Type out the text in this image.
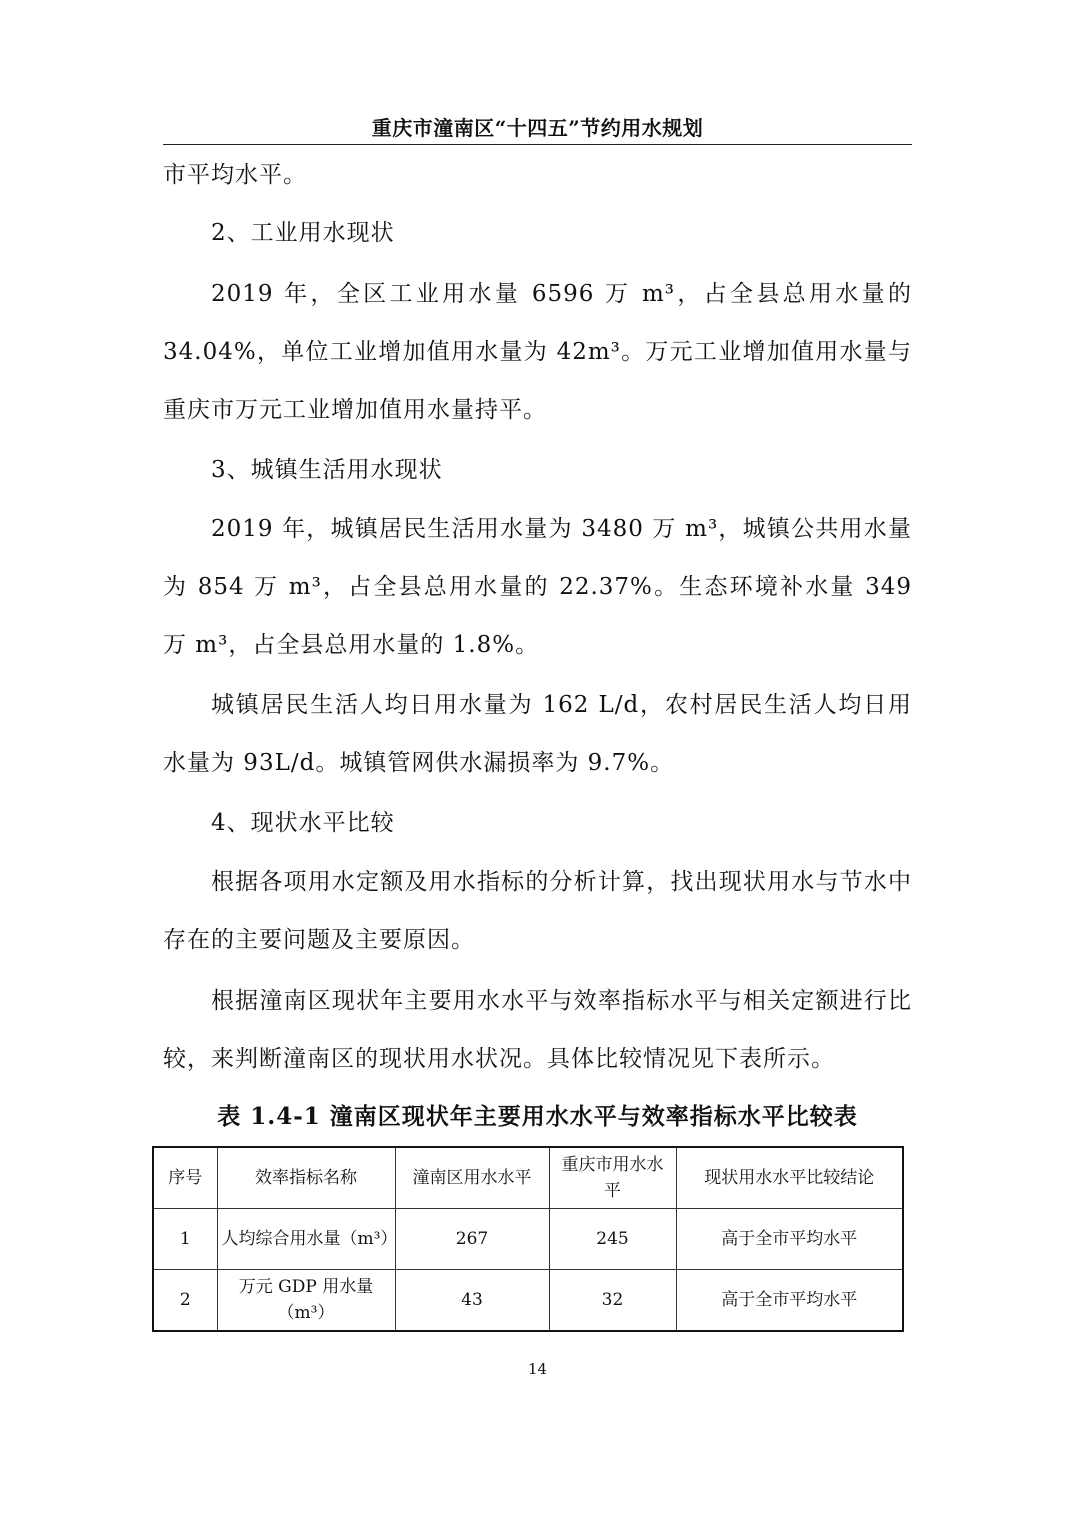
重庆市潼南区“十四五”节约用水规划

市平均水平。

2、工业用水现状

2019 年，全区工业用水量 6596 万 m³，占全县总用水量的 34.04%，单位工业增加值用水量为 42m³。万元工业增加值用水量与重庆市万元工业增加值用水量持平。

3、城镇生活用水现状

2019 年，城镇居民生活用水量为 3480 万 m³，城镇公共用水量为 854 万 m³，占全县总用水量的 22.37%。生态环境补水量 349 万 m³，占全县总用水量的 1.8%。

城镇居民生活人均日用水量为 162 L/d，农村居民生活人均日用水量为 93L/d。城镇管网供水漏损率为 9.7%。

4、现状水平比较

根据各项用水定额及用水指标的分析计算，找出现状用水与节水中存在的主要问题及主要原因。

根据潼南区现状年主要用水水平与效率指标水平与相关定额进行比较，来判断潼南区的现状用水状况。具体比较情况见下表所示。

表 1.4-1 潼南区现状年主要用水水平与效率指标水平比较表
序号	效率指标名称	潼南区用水水平	重庆市用水水平	现状用水水平比较结论
1	人均综合用水量（m³）	267	245	高于全市平均水平
2	万元 GDP 用水量（m³）	43	32	高于全市平均水平
14
